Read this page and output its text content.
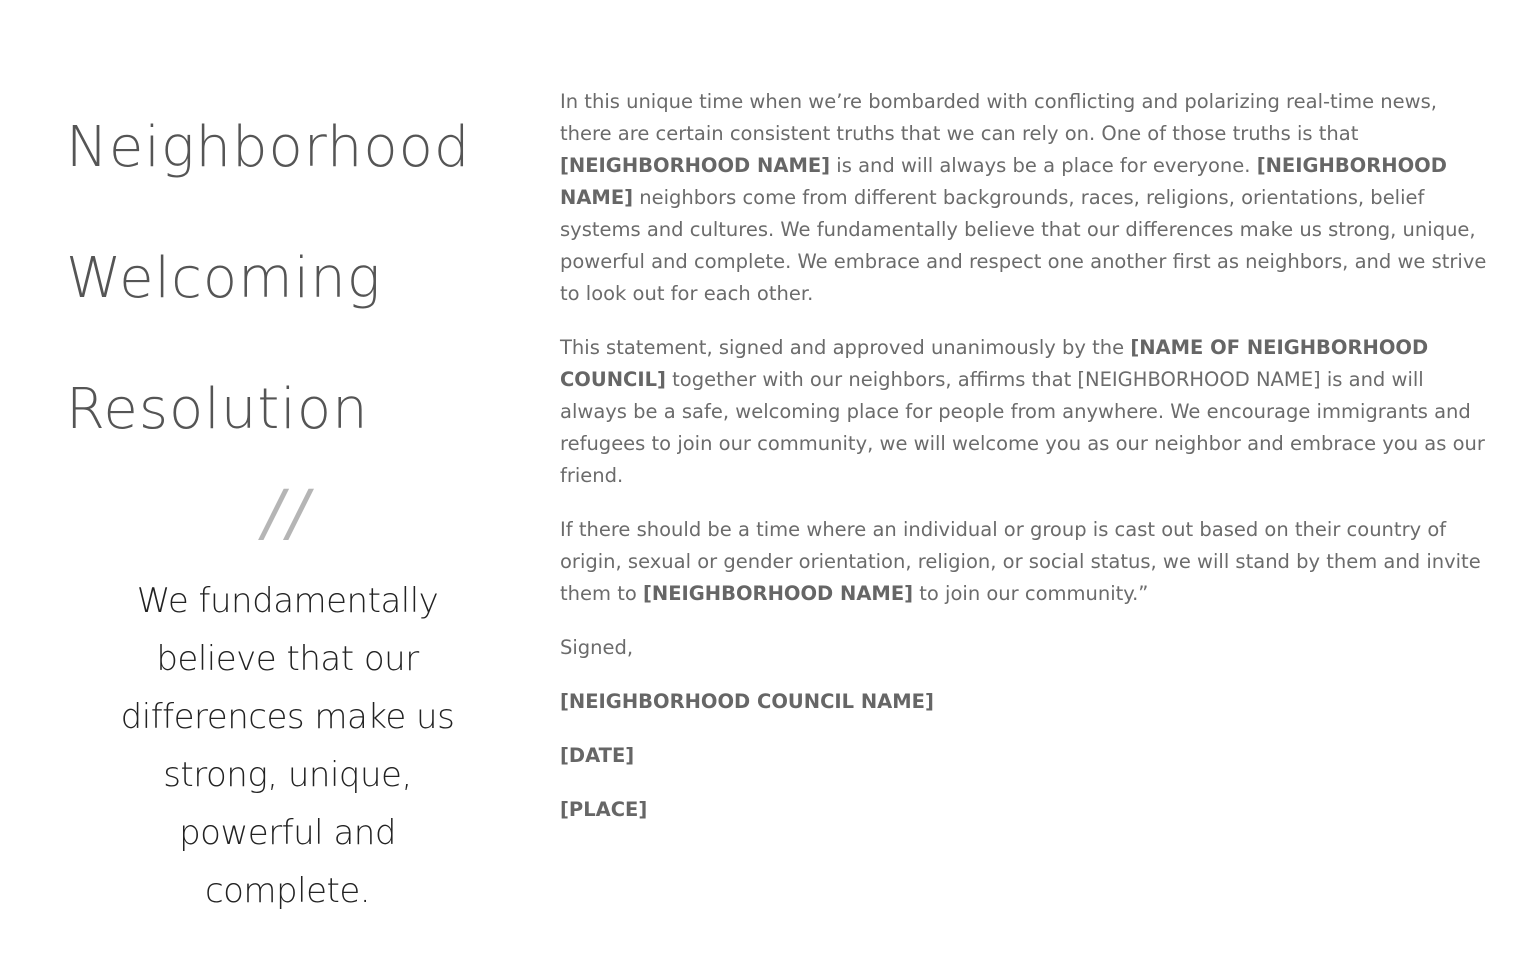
Neighborhood
Welcoming
Resolution
//

We fundamentally believe that our differences make us strong, unique, powerful and complete.

In this unique time when we’re bombarded with conflicting and polarizing real-time news, there are certain consistent truths that we can rely on. One of those truths is that [NEIGHBORHOOD NAME] is and will always be a place for everyone. [NEIGHBORHOOD NAME] neighbors come from different backgrounds, races, religions, orientations, belief systems and cultures. We fundamentally believe that our differences make us strong, unique, powerful and complete. We embrace and respect one another first as neighbors, and we strive to look out for each other.

This statement, signed and approved unanimously by the [NAME OF NEIGHBORHOOD COUNCIL] together with our neighbors, affirms that [NEIGHBORHOOD NAME] is and will always be a safe, welcoming place for people from anywhere. We encourage immigrants and refugees to join our community, we will welcome you as our neighbor and embrace you as our friend.

If there should be a time where an individual or group is cast out based on their country of origin, sexual or gender orientation, religion, or social status, we will stand by them and invite them to [NEIGHBORHOOD NAME] to join our community.”

Signed,

[NEIGHBORHOOD COUNCIL NAME]

[DATE]

[PLACE]
